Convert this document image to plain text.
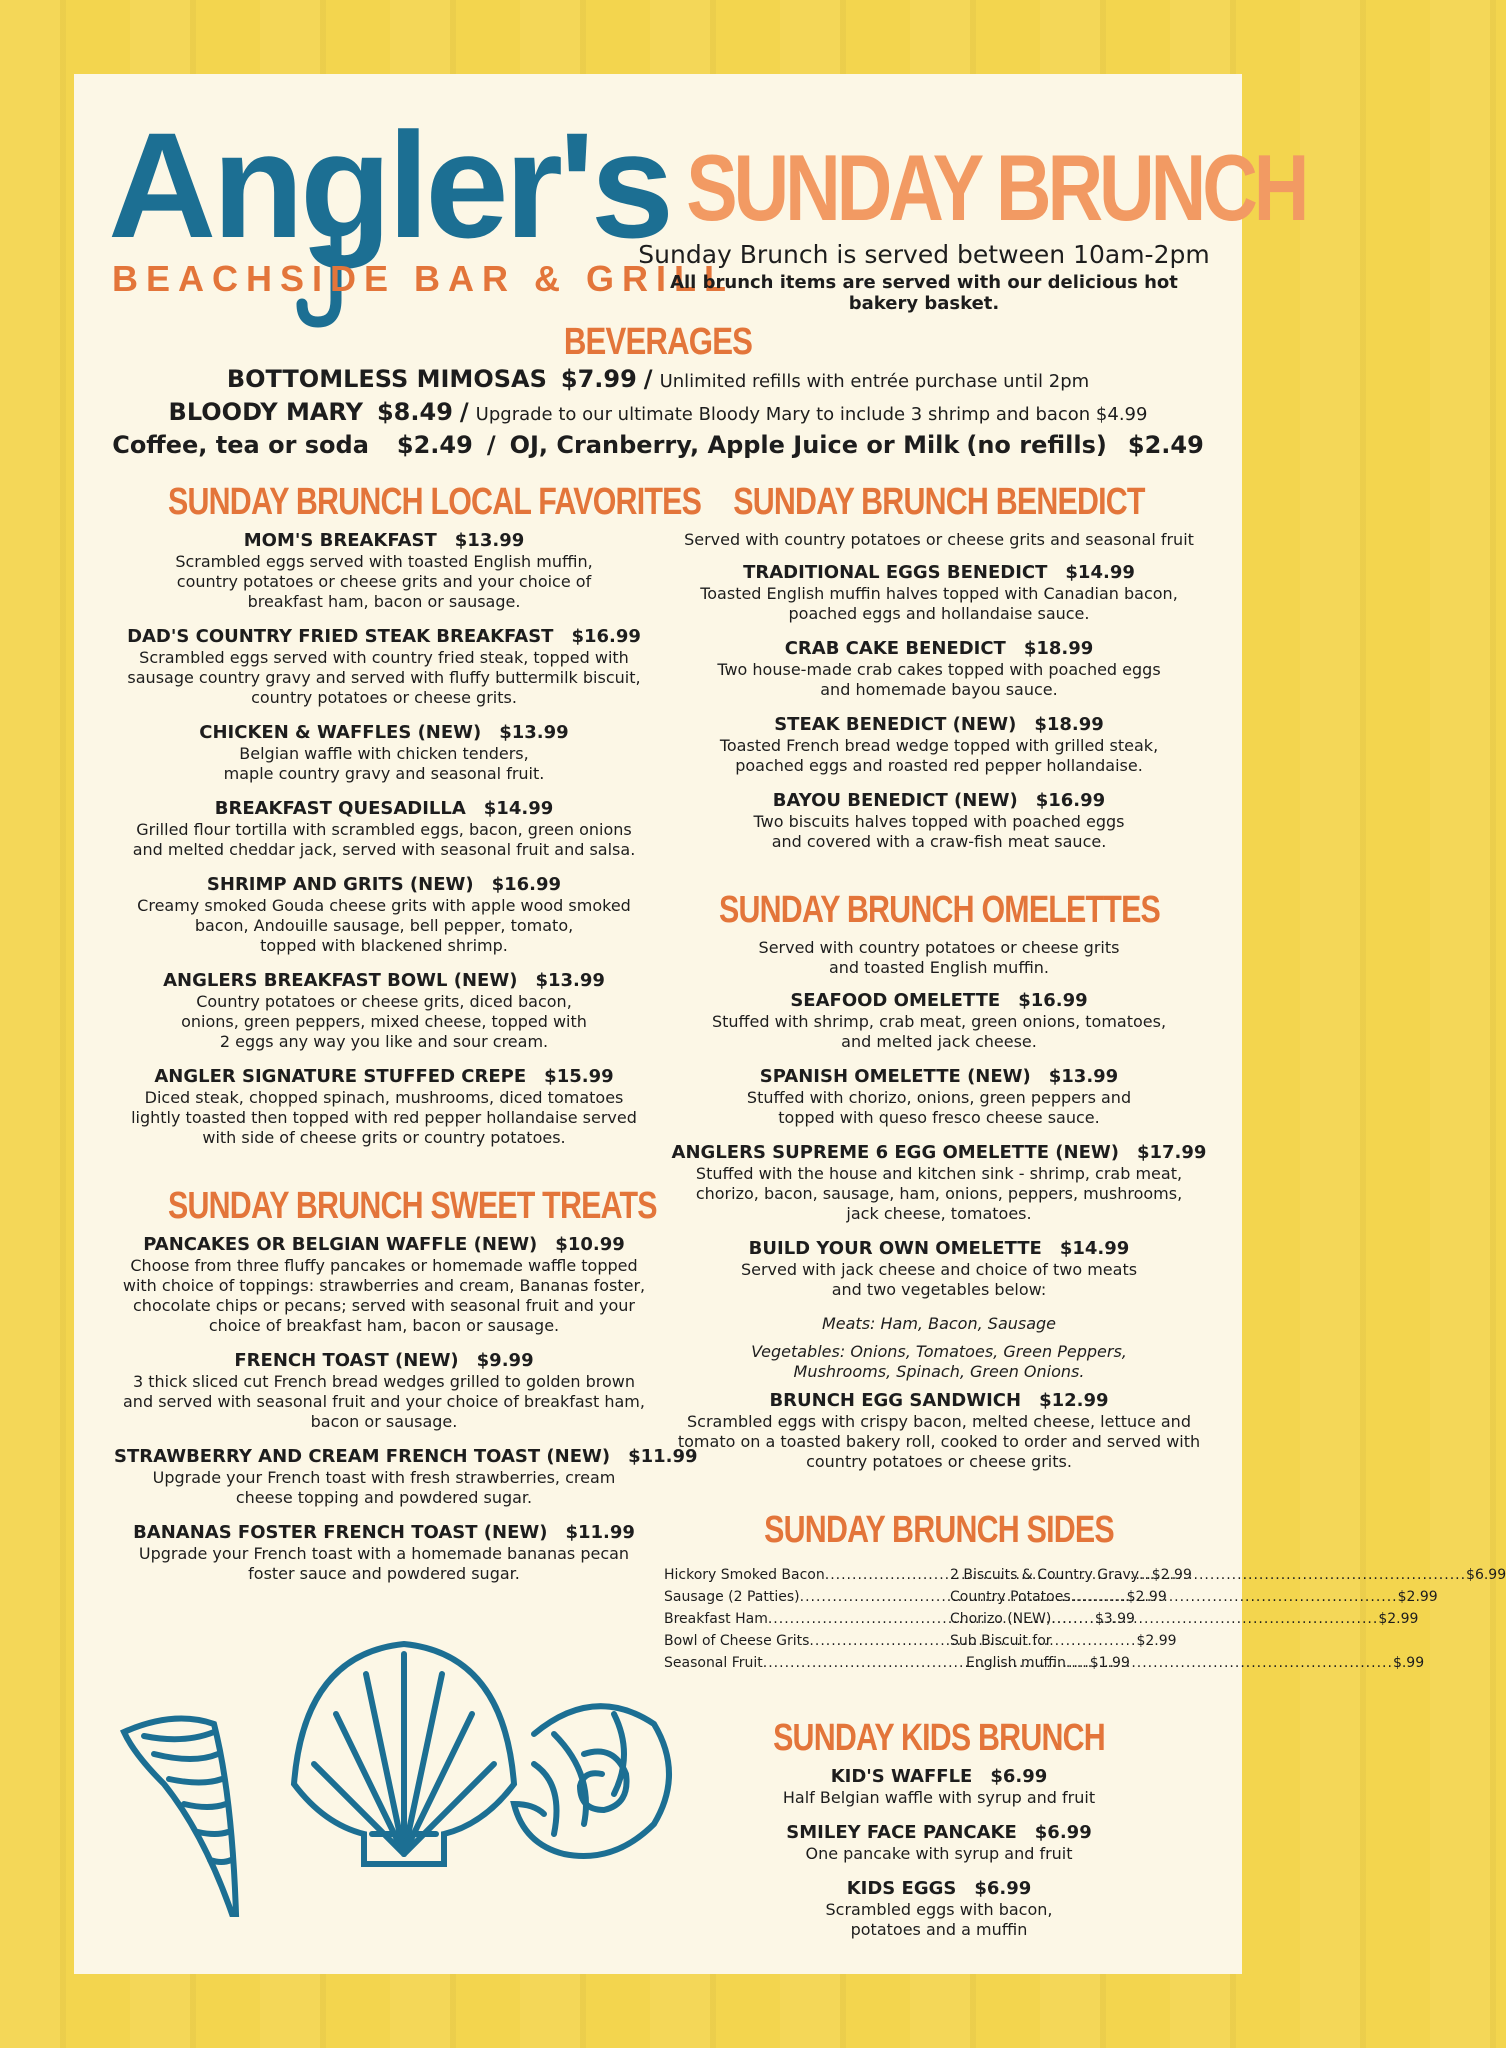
Angler's
BEACHSIDE BAR & GRILL
SUNDAY BRUNCH
Sunday Brunch is served between 10am-2pm
All brunch items are served with our delicious hot bakery basket.
BEVERAGES
BOTTOMLESS MIMOSAS $7.99 / Unlimited refills with entrée purchase until 2pm
BLOODY MARY $8.49 / Upgrade to our ultimate Bloody Mary to include 3 shrimp and bacon $4.99
Coffee, tea or soda $2.49 / OJ, Cranberry, Apple Juice or Milk (no refills) $2.49
SUNDAY BRUNCH LOCAL FAVORITES
MOM'S BREAKFAST $13.99
Scrambled eggs served with toasted English muffin,
country potatoes or cheese grits and your choice of
breakfast ham, bacon or sausage.
DAD'S COUNTRY FRIED STEAK BREAKFAST $16.99
Scrambled eggs served with country fried steak, topped with
sausage country gravy and served with fluffy buttermilk biscuit,
country potatoes or cheese grits.
CHICKEN & WAFFLES (NEW) $13.99
Belgian waffle with chicken tenders,
maple country gravy and seasonal fruit.
BREAKFAST QUESADILLA $14.99
Grilled flour tortilla with scrambled eggs, bacon, green onions
and melted cheddar jack, served with seasonal fruit and salsa.
SHRIMP AND GRITS (NEW) $16.99
Creamy smoked Gouda cheese grits with apple wood smoked
bacon, Andouille sausage, bell pepper, tomato,
topped with blackened shrimp.
ANGLERS BREAKFAST BOWL (NEW) $13.99
Country potatoes or cheese grits, diced bacon,
onions, green peppers, mixed cheese, topped with
2 eggs any way you like and sour cream.
ANGLER SIGNATURE STUFFED CREPE $15.99
Diced steak, chopped spinach, mushrooms, diced tomatoes
lightly toasted then topped with red pepper hollandaise served
with side of cheese grits or country potatoes.
SUNDAY BRUNCH SWEET TREATS
PANCAKES OR BELGIAN WAFFLE (NEW) $10.99
Choose from three fluffy pancakes or homemade waffle topped
with choice of toppings: strawberries and cream, Bananas foster,
chocolate chips or pecans; served with seasonal fruit and your
choice of breakfast ham, bacon or sausage.
FRENCH TOAST (NEW) $9.99
3 thick sliced cut French bread wedges grilled to golden brown
and served with seasonal fruit and your choice of breakfast ham,
bacon or sausage.
STRAWBERRY AND CREAM FRENCH TOAST (NEW) $11.99
Upgrade your French toast with fresh strawberries, cream
cheese topping and powdered sugar.
BANANAS FOSTER FRENCH TOAST (NEW) $11.99
Upgrade your French toast with a homemade bananas pecan
foster sauce and powdered sugar.
SUNDAY BRUNCH BENEDICT
Served with country potatoes or cheese grits and seasonal fruit
TRADITIONAL EGGS BENEDICT $14.99
Toasted English muffin halves topped with Canadian bacon,
poached eggs and hollandaise sauce.
CRAB CAKE BENEDICT $18.99
Two house-made crab cakes topped with poached eggs
and homemade bayou sauce.
STEAK BENEDICT (NEW) $18.99
Toasted French bread wedge topped with grilled steak,
poached eggs and roasted red pepper hollandaise.
BAYOU BENEDICT (NEW) $16.99
Two biscuits halves topped with poached eggs
and covered with a craw-fish meat sauce.
SUNDAY BRUNCH OMELETTES
Served with country potatoes or cheese grits
and toasted English muffin.
SEAFOOD OMELETTE $16.99
Stuffed with shrimp, crab meat, green onions, tomatoes,
and melted jack cheese.
SPANISH OMELETTE (NEW) $13.99
Stuffed with chorizo, onions, green peppers and
topped with queso fresco cheese sauce.
ANGLERS SUPREME 6 EGG OMELETTE (NEW) $17.99
Stuffed with the house and kitchen sink - shrimp, crab meat,
chorizo, bacon, sausage, ham, onions, peppers, mushrooms,
jack cheese, tomatoes.
BUILD YOUR OWN OMELETTE $14.99
Served with jack cheese and choice of two meats
and two vegetables below:
Meats: Ham, Bacon, Sausage
Vegetables: Onions, Tomatoes, Green Peppers,
Mushrooms, Spinach, Green Onions.
BRUNCH EGG SANDWICH $12.99
Scrambled eggs with crispy bacon, melted cheese, lettuce and
tomato on a toasted bakery roll, cooked to order and served with
country potatoes or cheese grits.
SUNDAY BRUNCH SIDES
Hickory Smoked Bacon .....	$2.99
Sausage (2 Patties) .....	$2.99
Breakfast Ham .....	$3.99
Bowl of Cheese Grits .....	$2.99
Seasonal Fruit .....	$1.99
2 Biscuits & Country Gravy .....	$6.99
Country Potatoes .....	$2.99
Chorizo (NEW) .....	$2.99
Sub Biscuit for
English muffin .....	$.99
SUNDAY KIDS BRUNCH
KID'S WAFFLE $6.99
Half Belgian waffle with syrup and fruit
SMILEY FACE PANCAKE $6.99
One pancake with syrup and fruit
KIDS EGGS $6.99
Scrambled eggs with bacon,
potatoes and a muffin
